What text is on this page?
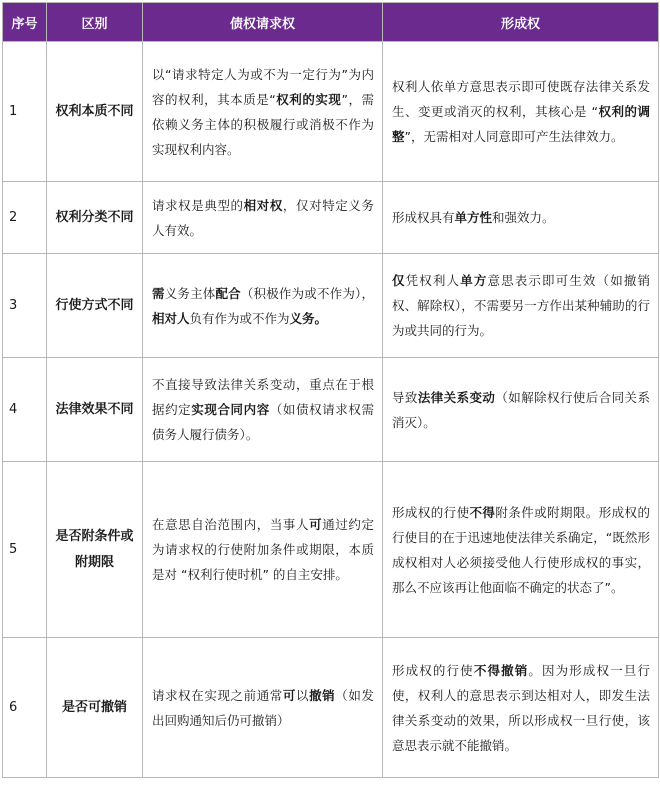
序号	区别	债权请求权	形成权
1	权利本质不同	以“请求特定人为或不为一定行为”为内容的权利，其本质是“权利的实现”，需依赖义务主体的积极履行或消极不作为实现权利内容。	权利人依单方意思表示即可使既存法律关系发生、变更或消灭的权利，其核心是 “权利的调整”，无需相对人同意即可产生法律效力。
2	权利分类不同	请求权是典型的相对权，仅对特定义务人有效。	形成权具有单方性和强效力。
3	行使方式不同	需义务主体配合（积极作为或不作为），相对人负有作为或不作为义务。	仅凭权利人单方意思表示即可生效（如撤销权、解除权），不需要另一方作出某种辅助的行为或共同的行为。
4	法律效果不同	不直接导致法律关系变动，重点在于根据约定实现合同内容（如债权请求权需债务人履行债务）。	导致法律关系变动（如解除权行使后合同关系消灭）。
5	是否附条件或附期限	在意思自治范围内，当事人可通过约定为请求权的行使附加条件或期限，本质是对 “权利行使时机” 的自主安排。	形成权的行使不得附条件或附期限。形成权的行使目的在于迅速地使法律关系确定，“既然形成权相对人必须接受他人行使形成权的事实，那么不应该再让他面临不确定的状态了”。
6	是否可撤销	请求权在实现之前通常可以撤销（如发出回购通知后仍可撤销）	形成权的行使不得撤销。因为形成权一旦行使，权利人的意思表示到达相对人，即发生法律关系变动的效果，所以形成权一旦行使，该意思表示就不能撤销。
